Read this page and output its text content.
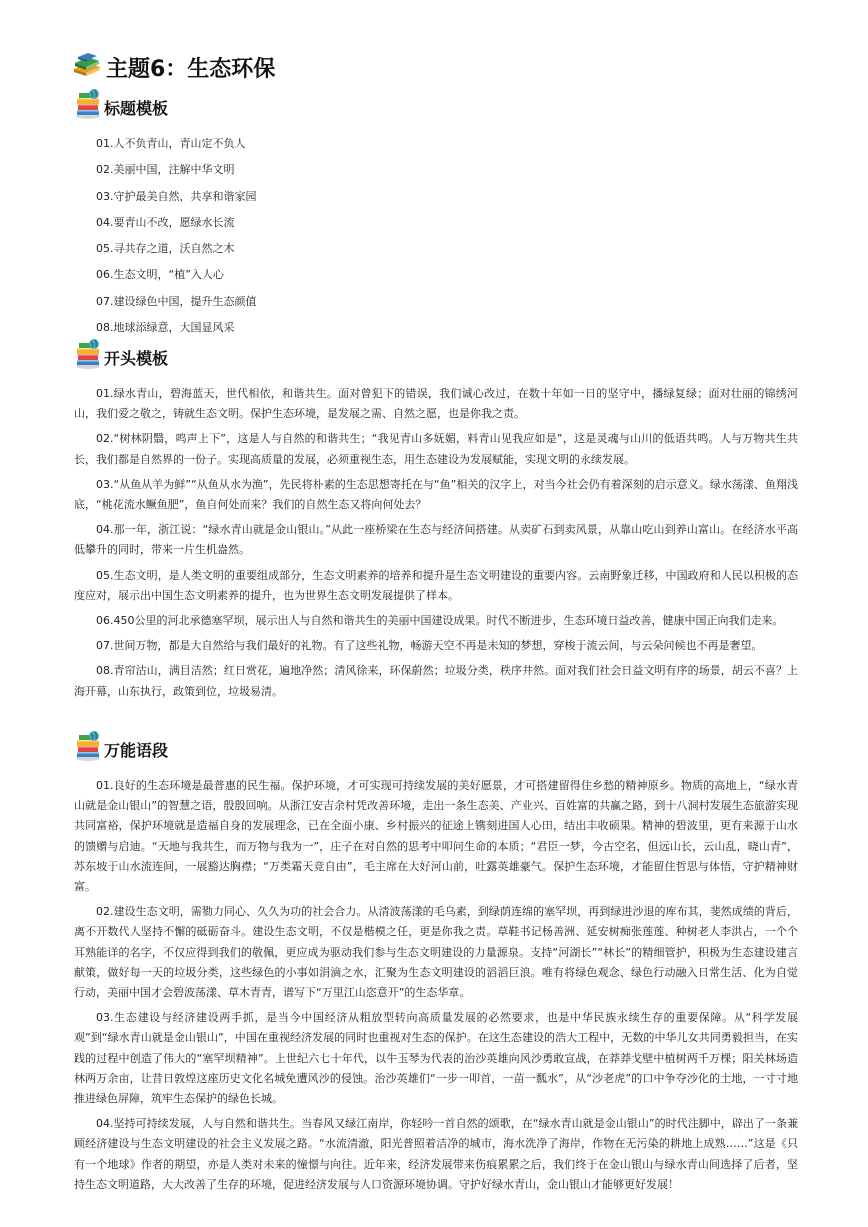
主题6：生态环保
标题模板
01.人不负青山，青山定不负人
02.美丽中国，注解中华文明
03.守护最美自然，共享和谐家园
04.要青山不改，愿绿水长流
05.寻共存之道，沃自然之木
06.生态文明，“植”入人心
07.建设绿色中国，提升生态颜值
08.地球添绿意，大国显风采
开头模板

01.绿水青山，碧海蓝天，世代相依，和谐共生。面对曾犯下的错误，我们诚心改过，在数十年如一日的坚守中，播绿复绿；面对壮丽的锦绣河山，我们爱之敬之，铸就生态文明。保护生态环境，是发展之需、自然之愿，也是你我之责。

02.“树林阴翳，鸣声上下”，这是人与自然的和谐共生；“我见青山多妩媚，料青山见我应如是”，这是灵魂与山川的低语共鸣。人与万物共生共长，我们都是自然界的一份子。实现高质量的发展，必须重视生态，用生态建设为发展赋能，实现文明的永续发展。

03.“从鱼从羊为鲜”“从鱼从水为渔”，先民将朴素的生态思想寄托在与“鱼”相关的汉字上，对当今社会仍有着深刻的启示意义。绿水荡漾、鱼翔浅底，“桃花流水鳜鱼肥”，鱼自何处而来？我们的自然生态又将向何处去？

04.那一年，浙江说：“绿水青山就是金山银山。”从此一座桥梁在生态与经济间搭建。从卖矿石到卖风景，从靠山吃山到养山富山。在经济水平高低攀升的同时，带来一片生机盎然。

05.生态文明，是人类文明的重要组成部分，生态文明素养的培养和提升是生态文明建设的重要内容。云南野象迁移，中国政府和人民以积极的态度应对，展示出中国生态文明素养的提升，也为世界生态文明发展提供了样本。

06.450公里的河北承德塞罕坝，展示出人与自然和谐共生的美丽中国建设成果。时代不断进步，生态环境日益改善，健康中国正向我们走来。

07.世间万物，都是大自然给与我们最好的礼物。有了这些礼物，畅游天空不再是未知的梦想，穿梭于流云间，与云朵问候也不再是奢望。

08.青帘沽山，满目洁然；红日赏花，遍地净然；清风徐来，环保蔚然；垃圾分类，秩序井然。面对我们社会日益文明有序的场景，胡云不喜？上海开幕，山东执行，政策到位，垃圾易清。

万能语段

01.良好的生态环境是最普惠的民生福。保护环境，才可实现可持续发展的美好愿景，才可搭建留得住乡愁的精神原乡。物质的高地上，“绿水青山就是金山银山”的智慧之语，殷殷回响。从浙江安吉余村凭改善环境，走出一条生态美、产业兴、百姓富的共赢之路，到十八洞村发展生态旅游实现共同富裕，保护环境就是造福自身的发展理念，已在全面小康、乡村振兴的征途上镌刻进国人心田，结出丰收硕果。精神的碧波里，更有来源于山水的馈赠与启迪。“天地与我共生，而万物与我为一”，庄子在对自然的思考中叩问生命的本质；“君臣一梦，今古空名，但远山长，云山乱，晓山青”，苏东坡于山水流连间，一展豁达胸襟；“万类霜天竞自由”，毛主席在大好河山前，吐露英雄豪气。保护生态环境，才能留住哲思与体悟，守护精神财富。

02.建设生态文明，需勠力同心、久久为功的社会合力。从清波荡漾的毛乌素，到绿荫连绵的塞罕坝，再到绿进沙退的库布其，斐然成绩的背后，离不开数代人坚持不懈的砥砺奋斗。建设生态文明，不仅是楷模之任，更是你我之责。草鞋书记杨善洲、延安树痴张莲莲、种树老人李洪占，一个个耳熟能详的名字，不仅应得到我们的敬佩，更应成为驱动我们参与生态文明建设的力量源泉。支持“河湖长”“林长”的精细管护，积极为生态建设建言献策，做好每一天的垃圾分类，这些绿色的小事如涓滴之水，汇聚为生态文明建设的滔滔巨浪。唯有将绿色观念、绿色行动融入日常生活、化为自觉行动，美丽中国才会碧波荡漾、草木青青，谱写下“万里江山恣意开”的生态华章。

03.生态建设与经济建设两手抓，是当今中国经济从粗放型转向高质量发展的必然要求，也是中华民族永续生存的重要保障。从“科学发展观”到“绿水青山就是金山银山”，中国在重视经济发展的同时也重视对生态的保护。在这生态建设的浩大工程中，无数的中华儿女共同勇毅担当，在实践的过程中创造了伟大的“塞罕坝精神”。上世纪六七十年代，以牛玉琴为代表的治沙英雄向风沙勇敢宣战，在莽莽戈壁中植树两千万棵；阳关林场造林两万余亩，让昔日敦煌这座历史文化名城免遭风沙的侵蚀。治沙英雄们“一步一叩首，一苗一瓢水”，从“沙老虎”的口中争夺沙化的土地，一寸寸地推进绿色屏障，筑牢生态保护的绿色长城。

04.坚持可持续发展，人与自然和谐共生。当春风又绿江南岸，你轻吟一首自然的颂歌，在“绿水青山就是金山银山”的时代注脚中，辟出了一条兼顾经济建设与生态文明建设的社会主义发展之路。“水流清澈，阳光普照着洁净的城市，海水洗净了海岸，作物在无污染的耕地上成熟……”这是《只有一个地球》作者的期望，亦是人类对未来的憧憬与向往。近年来，经济发展带来伤痕累累之后，我们终于在金山银山与绿水青山间选择了后者，坚持生态文明道路，大大改善了生存的环境，促进经济发展与人口资源环境协调。守护好绿水青山，金山银山才能够更好发展！
